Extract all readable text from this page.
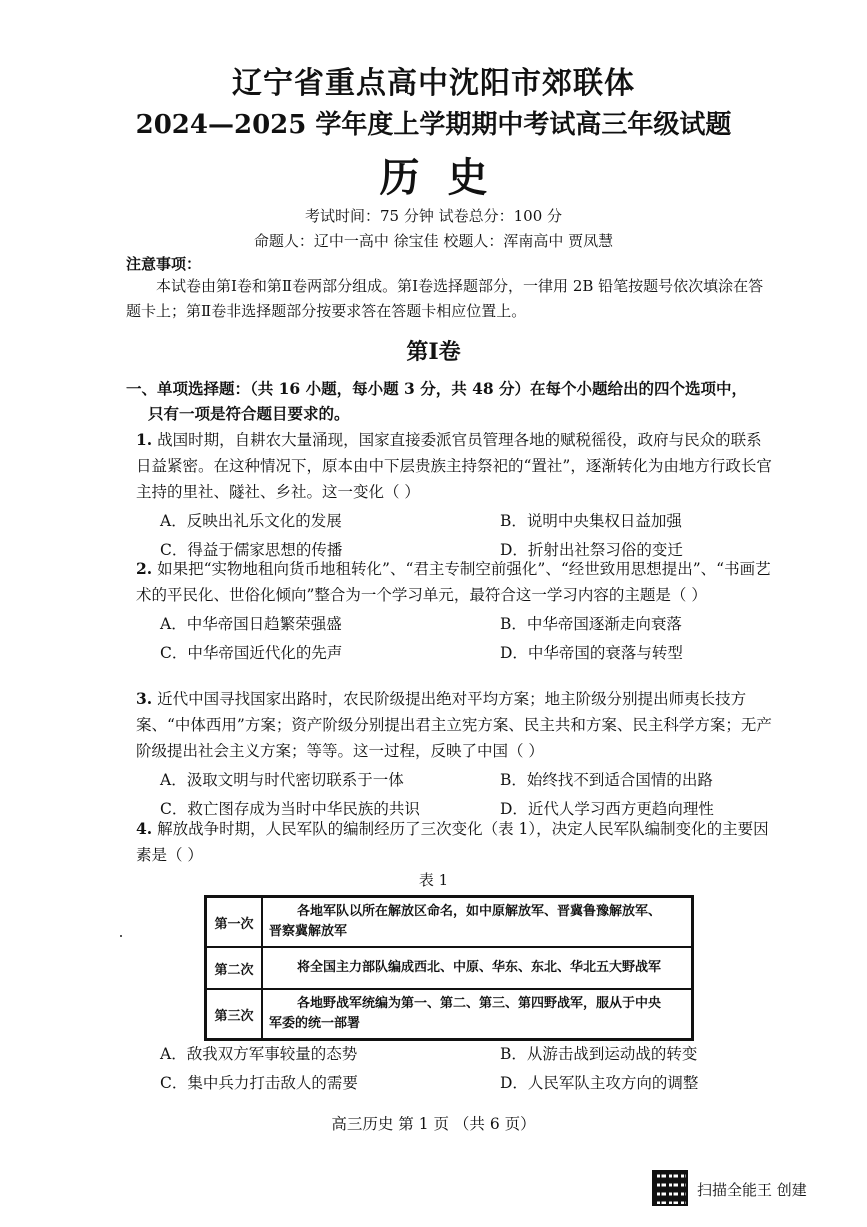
辽宁省重点高中沈阳市郊联体
2024—2025 学年度上学期期中考试高三年级试题
历史
考试时间：75 分钟 试卷总分：100 分
命题人：辽中一高中 徐宝佳 校题人：浑南高中 贾凤慧
注意事项：
本试卷由第Ⅰ卷和第Ⅱ卷两部分组成。第Ⅰ卷选择题部分，一律用 2B 铅笔按题号依次填涂在答题卡上；第Ⅱ卷非选择题部分按要求答在答题卡相应位置上。
第Ⅰ卷
一、单项选择题：（共 16 小题，每小题 3 分，共 48 分）在每个小题给出的四个选项中，
只有一项是符合题目要求的。
1. 战国时期，自耕农大量涌现，国家直接委派官员管理各地的赋税徭役，政府与民众的联系日益紧密。在这种情况下，原本由中下层贵族主持祭祀的“置社”，逐渐转化为由地方行政长官主持的里社、隧社、乡社。这一变化（ ）
A．反映出礼乐文化的发展	B．说明中央集权日益加强
C．得益于儒家思想的传播	D．折射出社祭习俗的变迁
2. 如果把“实物地租向货币地租转化”、“君主专制空前强化”、“经世致用思想提出”、“书画艺术的平民化、世俗化倾向”整合为一个学习单元，最符合这一学习内容的主题是（ ）
A．中华帝国日趋繁荣强盛	B．中华帝国逐渐走向衰落
C．中华帝国近代化的先声	D．中华帝国的衰落与转型
3. 近代中国寻找国家出路时，农民阶级提出绝对平均方案；地主阶级分别提出师夷长技方案、“中体西用”方案；资产阶级分别提出君主立宪方案、民主共和方案、民主科学方案；无产阶级提出社会主义方案；等等。这一过程，反映了中国（ ）
A．汲取文明与时代密切联系于一体	B．始终找不到适合国情的出路
C．救亡图存成为当时中华民族的共识	D．近代人学习西方更趋向理性
4. 解放战争时期，人民军队的编制经历了三次变化（表 1），决定人民军队编制变化的主要因素是（ ）
表 1
第一次	各地军队以所在解放区命名，如中原解放军、晋冀鲁豫解放军、
晋察冀解放军

第二次	将全国主力部队编成西北、中原、华东、东北、华北五大野战军

第三次	各地野战军统编为第一、第二、第三、第四野战军，服从于中央
军委的统一部署
A．敌我双方军事较量的态势	B．从游击战到运动战的转变
C．集中兵力打击敌人的需要	D．人民军队主攻方向的调整
高三历史 第 1 页 （共 6 页）
扫描全能王 创建
